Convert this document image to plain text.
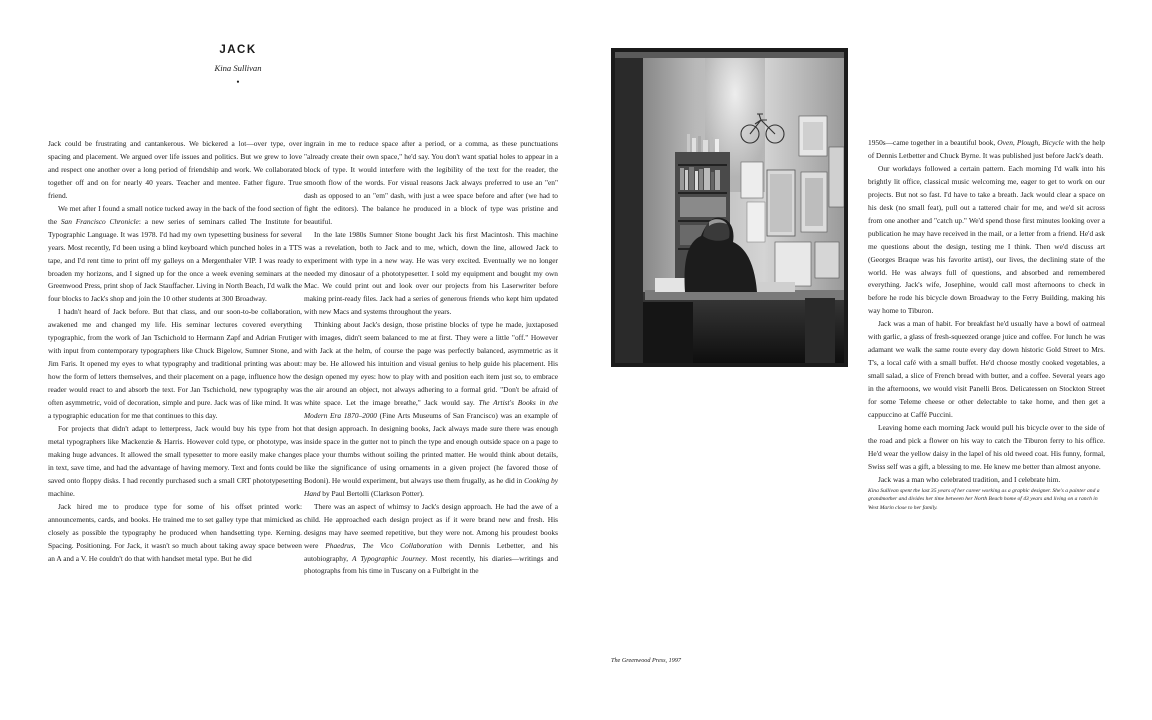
JACK
Kina Sullivan
•

Jack could be frustrating and cantankerous. We bickered a lot—over type, over spacing and placement. We argued over life issues and politics. But we grew to love and respect one another over a long period of friendship and work. We collaborated together off and on for nearly 40 years. Teacher and mentee. Father figure. True friend.

We met after I found a small notice tucked away in the back of the food section of the San Francisco Chronicle: a new series of seminars called The Institute for Typographic Language. It was 1978. I'd had my own typesetting business for several years. Most recently, I'd been using a blind keyboard which punched holes in a TTS tape, and I'd rent time to print off my galleys on a Mergenthaler VIP. I was ready to broaden my horizons, and I signed up for the once a week evening seminars at the Greenwood Press, print shop of Jack Stauffacher. Living in North Beach, I'd walk the four blocks to Jack's shop and join the 10 other students at 300 Broadway.

I hadn't heard of Jack before. But that class, and our soon-to-be collaboration, awakened me and changed my life. His seminar lectures covered everything typographic, from the work of Jan Tschichold to Hermann Zapf and Adrian Frutiger with input from contemporary typographers like Chuck Bigelow, Sumner Stone, and Jim Faris. It opened my eyes to what typography and traditional printing was about: how the form of letters themselves, and their placement on a page, influence how the reader would react to and absorb the text. For Jan Tschichold, new typography was often asymmetric, void of decoration, simple and pure. Jack was of like mind. It was a typographic education for me that continues to this day.

For projects that didn't adapt to letterpress, Jack would buy his type from hot metal typographers like Mackenzie & Harris. However cold type, or phototype, was making huge advances. It allowed the small typesetter to more easily make changes in text, save time, and had the advantage of having memory. Text and fonts could be saved onto floppy disks. I had recently purchased such a small CRT phototypesetting machine.

Jack hired me to produce type for some of his offset printed work: announcements, cards, and books. He trained me to set galley type that mimicked as closely as possible the typography he produced when handsetting type. Kerning. Spacing. Positioning. For Jack, it wasn't so much about taking away space between an A and a V. He couldn't do that with handset metal type. But he did

ingrain in me to reduce space after a period, or a comma, as these punctuations "already create their own space," he'd say. You don't want spatial holes to appear in a block of type. It would interfere with the legibility of the text for the reader, the smooth flow of the words. For visual reasons Jack always preferred to use an "en" dash as opposed to an "em" dash, with just a wee space before and after (we had to fight the editors). The balance he produced in a block of type was pristine and beautiful.

In the late 1980s Sumner Stone bought Jack his first Macintosh. This machine was a revelation, both to Jack and to me, which, down the line, allowed Jack to experiment with type in a new way. He was very excited. Eventually we no longer needed my dinosaur of a phototypesetter. I sold my equipment and bought my own Mac. We could print out and look over our projects from his Laserwriter before making print-ready files. Jack had a series of generous friends who kept him updated with new Macs and systems throughout the years.

Thinking about Jack's design, those pristine blocks of type he made, juxtaposed with images, didn't seem balanced to me at first. They were a little "off." However with Jack at the helm, of course the page was perfectly balanced, asymmetric as it may be. He allowed his intuition and visual genius to help guide his placement. His design opened my eyes: how to play with and position each item just so, to embrace the air around an object, not always adhering to a formal grid. "Don't be afraid of white space. Let the image breathe," Jack would say. The Artist's Books in the Modern Era 1870–2000 (Fine Arts Museums of San Francisco) was an example of that design approach. In designing books, Jack always made sure there was enough inside space in the gutter not to pinch the type and enough outside space on a page to place your thumbs without soiling the printed matter. He would think about details, like the significance of using ornaments in a given project (he favored those of Bodoni). He would experiment, but always use them frugally, as he did in Cooking by Hand by Paul Bertolli (Clarkson Potter).

There was an aspect of whimsy to Jack's design approach. He had the awe of a child. He approached each design project as if it were brand new and fresh. His designs may have seemed repetitive, but they were not. Among his proudest books were Phaedrus, The Vico Collaboration with Dennis Letbetter, and his autobiography, A Typographic Journey. Most recently, his diaries—writings and photographs from his time in Tuscany on a Fulbright in the

The Greenwood Press, 1997

1950s—came together in a beautiful book, Oven, Plough, Bicycle with the help of Dennis Letbetter and Chuck Byrne. It was published just before Jack's death.

Our workdays followed a certain pattern. Each morning I'd walk into his brightly lit office, classical music welcoming me, eager to get to work on our projects. But not so fast. I'd have to take a breath. Jack would clear a space on his desk (no small feat), pull out a tattered chair for me, and we'd sit across from one another and "catch up." We'd spend those first minutes looking over a publication he may have received in the mail, or a letter from a friend. He'd ask me questions about the design, testing me I think. Then we'd discuss art (Georges Braque was his favorite artist), our lives, the declining state of the world. He was always full of questions, and absorbed and remembered everything. Jack's wife, Josephine, would call most afternoons to check in before he rode his bicycle down Broadway to the Ferry Building, making his way home to Tiburon.

Jack was a man of habit. For breakfast he'd usually have a bowl of oatmeal with garlic, a glass of fresh-squeezed orange juice and coffee. For lunch he was adamant we walk the same route every day down historic Gold Street to Mrs. T's, a local café with a small buffet. He'd choose mostly cooked vegetables, a small salad, a slice of French bread with butter, and a coffee. Several years ago in the afternoons, we would visit Panelli Bros. Delicatessen on Stockton Street for some Teleme cheese or other delectable to take home, and then get a cappuccino at Caffé Puccini.

Leaving home each morning Jack would pull his bicycle over to the side of the road and pick a flower on his way to catch the Tiburon ferry to his office. He'd wear the yellow daisy in the lapel of his old tweed coat. His funny, formal, Swiss self was a gift, a blessing to me. He knew me better than almost anyone.

Jack was a man who celebrated tradition, and I celebrate him.

Kina Sullivan spent the last 35 years of her career working as a graphic designer. She's a painter and a grandmother and divides her time between her North Beach home of 43 years and living on a ranch in West Marin close to her family.
